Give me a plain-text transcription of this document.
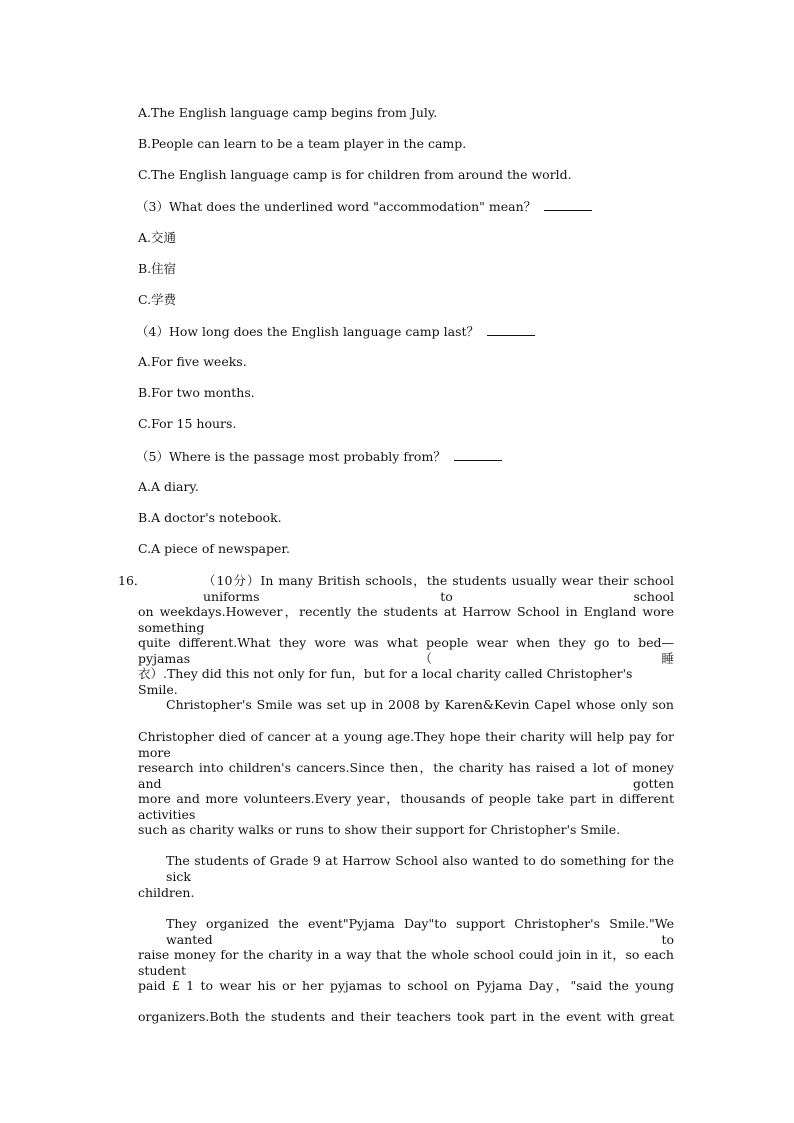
A.The English language camp begins from July.
B.People can learn to be a team player in the camp.
C.The English language camp is for children from around the world.
（3）What does the underlined word "accommodation" mean？
A.交通
B.住宿
C.学费
（4）How long does the English language camp last？
A.For five weeks.
B.For two months.
C.For 15 hours.
（5）Where is the passage most probably from？
A.A diary.
B.A doctor's notebook.
C.A piece of newspaper.
16．	（10分）In many British schools，the students usually wear their school uniforms to school
on weekdays.However，recently the students at Harrow School in England wore something
quite different.What they wore was what people wear when they go to bed— pyjamas（睡
衣）.They did this not only for fun，but for a local charity called Christopher's Smile.
Christopher's Smile was set up in 2008 by Karen&Kevin Capel whose only son
Christopher died of cancer at a young age.They hope their charity will help pay for more
research into children's cancers.Since then，the charity has raised a lot of money and gotten
more and more volunteers.Every year，thousands of people take part in different activities
such as charity walks or runs to show their support for Christopher's Smile.
The students of Grade 9 at Harrow School also wanted to do something for the sick
children.
They organized the event"Pyjama Day"to support Christopher's Smile."We wanted to
raise money for the charity in a way that the whole school could join in it，so each student
paid £ 1 to wear his or her pyjamas to school on Pyjama Day，"said the young
organizers.Both the students and their teachers took part in the event with great
